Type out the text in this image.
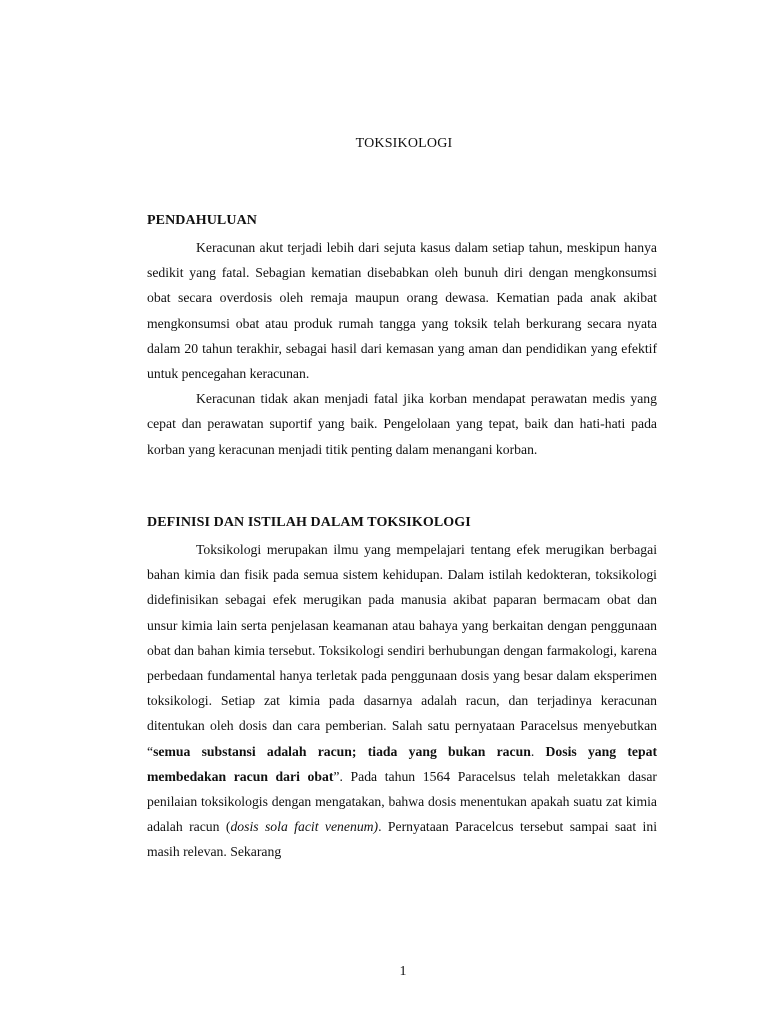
TOKSIKOLOGI
PENDAHULUAN

Keracunan akut terjadi lebih dari sejuta kasus dalam setiap tahun, meskipun hanya sedikit yang fatal. Sebagian kematian disebabkan oleh bunuh diri dengan mengkonsumsi obat secara overdosis oleh remaja maupun orang dewasa. Kematian pada anak akibat mengkonsumsi obat atau produk rumah tangga yang toksik telah berkurang secara nyata dalam 20 tahun terakhir, sebagai hasil dari kemasan yang aman dan pendidikan yang efektif untuk pencegahan keracunan.

Keracunan tidak akan menjadi fatal jika korban mendapat perawatan medis yang cepat dan perawatan suportif yang baik. Pengelolaan yang tepat, baik dan hati-hati pada korban yang keracunan menjadi titik penting dalam menangani korban.

DEFINISI DAN ISTILAH DALAM TOKSIKOLOGI

Toksikologi merupakan ilmu yang mempelajari tentang efek merugikan berbagai bahan kimia dan fisik pada semua sistem kehidupan. Dalam istilah kedokteran, toksikologi didefinisikan sebagai efek merugikan pada manusia akibat paparan bermacam obat dan unsur kimia lain serta penjelasan keamanan atau bahaya yang berkaitan dengan penggunaan obat dan bahan kimia tersebut. Toksikologi sendiri berhubungan dengan farmakologi, karena perbedaan fundamental hanya terletak pada penggunaan dosis yang besar dalam eksperimen toksikologi. Setiap zat kimia pada dasarnya adalah racun, dan terjadinya keracunan ditentukan oleh dosis dan cara pemberian. Salah satu pernyataan Paracelsus menyebutkan “semua substansi adalah racun; tiada yang bukan racun. Dosis yang tepat membedakan racun dari obat”. Pada tahun 1564 Paracelsus telah meletakkan dasar penilaian toksikologis dengan mengatakan, bahwa dosis menentukan apakah suatu zat kimia adalah racun (dosis sola facit venenum). Pernyataan Paracelcus tersebut sampai saat ini masih relevan. Sekarang

1
